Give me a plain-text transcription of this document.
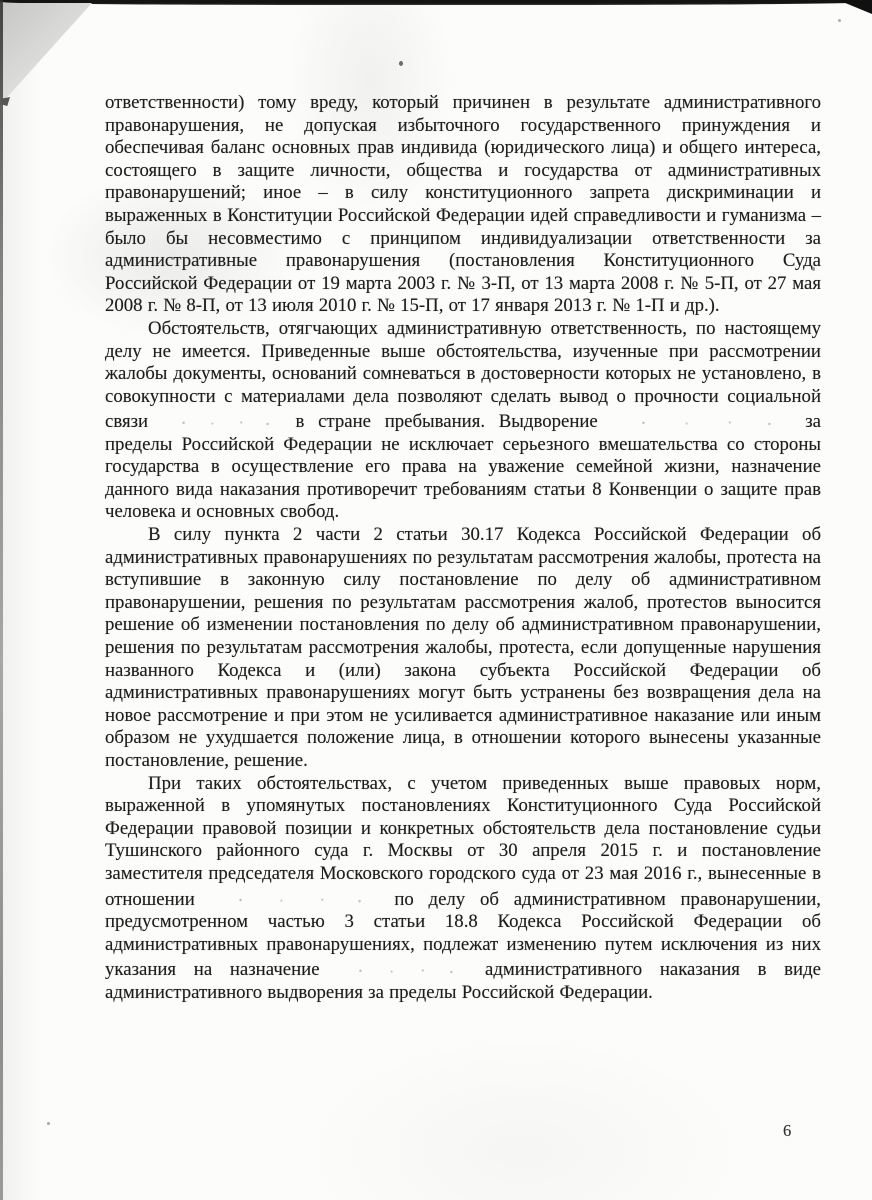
ответственности) тому вреду, который причинен в результате административного правонарушения, не допуская избыточного государственного принуждения и обеспечивая баланс основных прав индивида (юридического лица) и общего интереса, состоящего в защите личности, общества и государства от административных правонарушений; иное – в силу конституционного запрета дискриминации и выраженных в Конституции Российской Федерации идей справедливости и гуманизма – было бы несовместимо с принципом индивидуализации ответственности за административные правонарушения (постановления Конституционного Суда Российской Федерации от 19 марта 2003 г. № 3-П, от 13 марта 2008 г. № 5-П, от 27 мая 2008 г. № 8-П, от 13 июля 2010 г. № 15-П, от 17 января 2013 г. № 1-П и др.).

Обстоятельств, отягчающих административную ответственность, по настоящему делу не имеется. Приведенные выше обстоятельства, изученные при рассмотрении жалобы документы, оснований сомневаться в достоверности которых не установлено, в совокупности с материалами дела позволяют сделать вывод о прочности социальной связи	в стране пребывания. Выдворение	за пределы Российской Федерации не исключает серьезного вмешательства со стороны государства в осуществление его права на уважение семейной жизни, назначение данного вида наказания противоречит требованиям статьи 8 Конвенции о защите прав человека и основных свобод.

В силу пункта 2 части 2 статьи 30.17 Кодекса Российской Федерации об административных правонарушениях по результатам рассмотрения жалобы, протеста на вступившие в законную силу постановление по делу об административном правонарушении, решения по результатам рассмотрения жалоб, протестов выносится решение об изменении постановления по делу об административном правонарушении, решения по результатам рассмотрения жалобы, протеста, если допущенные нарушения названного Кодекса и (или) закона субъекта Российской Федерации об административных правонарушениях могут быть устранены без возвращения дела на новое рассмотрение и при этом не усиливается административное наказание или иным образом не ухудшается положение лица, в отношении которого вынесены указанные постановление, решение.

При таких обстоятельствах, с учетом приведенных выше правовых норм, выраженной в упомянутых постановлениях Конституционного Суда Российской Федерации правовой позиции и конкретных обстоятельств дела постановление судьи Тушинского районного суда г. Москвы от 30 апреля 2015 г. и постановление заместителя председателя Московского городского суда от 23 мая 2016 г., вынесенные в отношении	по делу об административном правонарушении, предусмотренном частью 3 статьи 18.8 Кодекса Российской Федерации об административных правонарушениях, подлежат изменению путем исключения из них указания на назначение	административного наказания в виде административного выдворения за пределы Российской Федерации.

6
